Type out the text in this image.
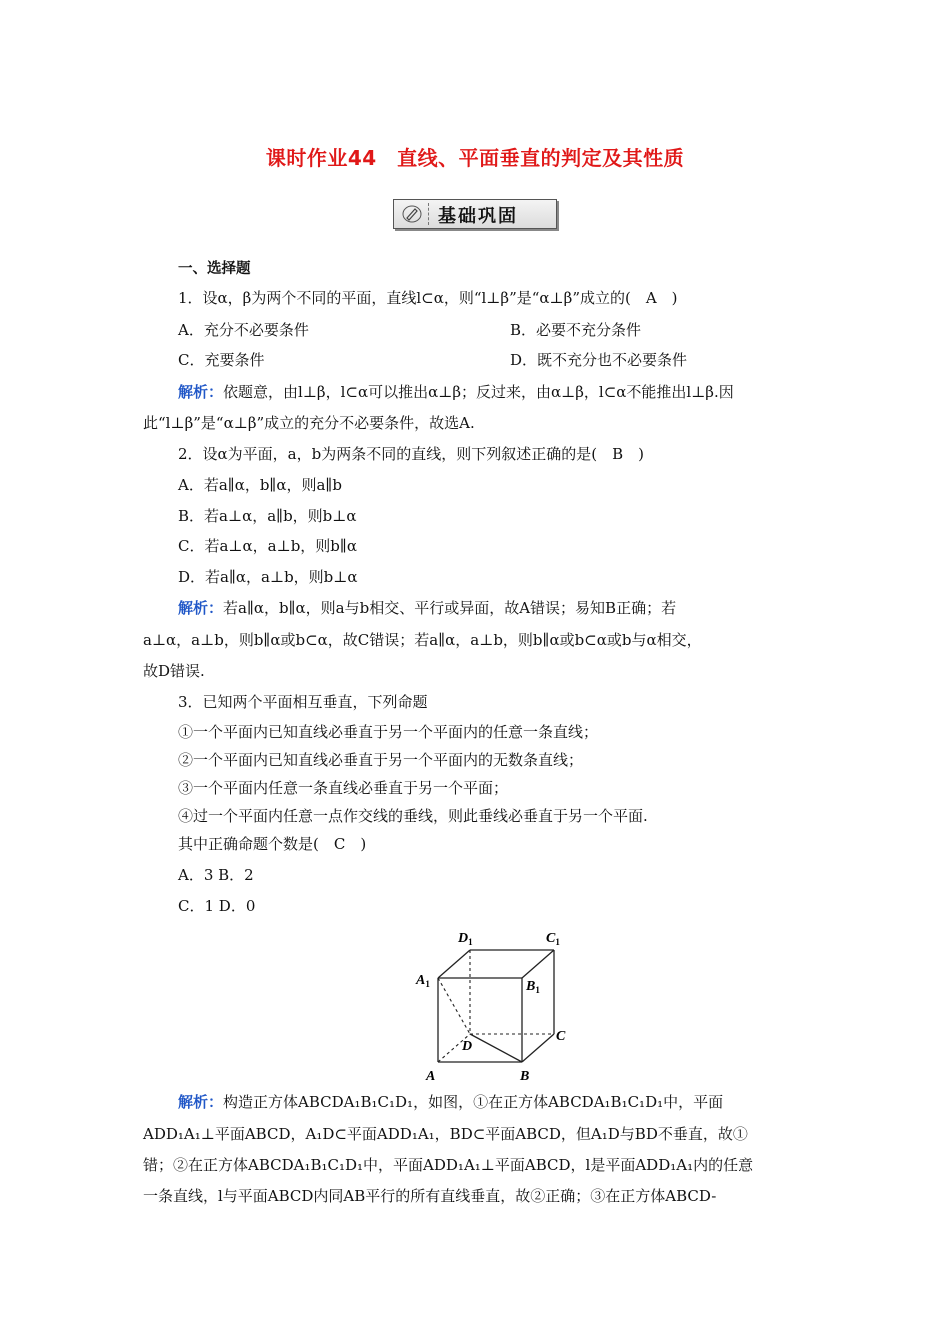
课时作业44　直线、平面垂直的判定及其性质
基础巩固
一、选择题
1．设α，β为两个不同的平面，直线l⊂α，则“l⊥β”是“α⊥β”成立的(　A　)
A．充分不必要条件	B．必要不充分条件
C．充要条件	D．既不充分也不必要条件
解析：依题意，由l⊥β，l⊂α可以推出α⊥β；反过来，由α⊥β，l⊂α不能推出l⊥β.因
此“l⊥β”是“α⊥β”成立的充分不必要条件，故选A.
2．设α为平面，a，b为两条不同的直线，则下列叙述正确的是(　B　)
A．若a∥α，b∥α，则a∥b
B．若a⊥α，a∥b，则b⊥α
C．若a⊥α，a⊥b，则b∥α
D．若a∥α，a⊥b，则b⊥α
解析：若a∥α，b∥α，则a与b相交、平行或异面，故A错误；易知B正确；若
a⊥α，a⊥b，则b∥α或b⊂α，故C错误；若a∥α，a⊥b，则b∥α或b⊂α或b与α相交，
故D错误.
3．已知两个平面相互垂直，下列命题
①一个平面内已知直线必垂直于另一个平面内的任意一条直线；
②一个平面内已知直线必垂直于另一个平面内的无数条直线；
③一个平面内任意一条直线必垂直于另一个平面；
④过一个平面内任意一点作交线的垂线，则此垂线必垂直于另一个平面.
其中正确命题个数是(　C　)
A．3 B．2
C．1 D．0
解析：构造正方体ABCDA₁B₁C₁D₁，如图，①在正方体ABCDA₁B₁C₁D₁中，平面
ADD₁A₁⊥平面ABCD，A₁D⊂平面ADD₁A₁，BD⊂平面ABCD，但A₁D与BD不垂直，故①
错；②在正方体ABCDA₁B₁C₁D₁中，平面ADD₁A₁⊥平面ABCD，l是平面ADD₁A₁内的任意
一条直线，l与平面ABCD内同AB平行的所有直线垂直，故②正确；③在正方体ABCD-
$D_1$	$C_1$
$A_1$	$B_1$
C
D
A	B
